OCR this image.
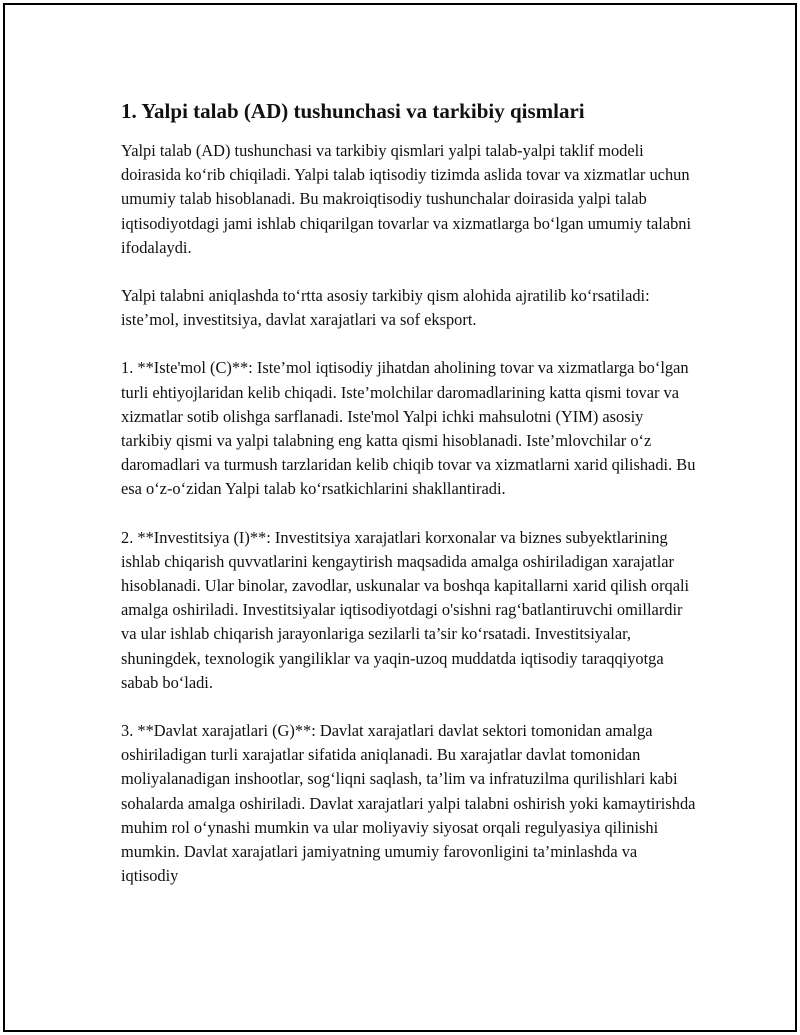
1. Yalpi talab (AD) tushunchasi va tarkibiy qismlari

Yalpi talab (AD) tushunchasi va tarkibiy qismlari yalpi talab-yalpi taklif modeli doirasida ko‘rib chiqiladi. Yalpi talab iqtisodiy tizimda aslida tovar va xizmatlar uchun umumiy talab hisoblanadi. Bu makroiqtisodiy tushunchalar doirasida yalpi talab iqtisodiyotdagi jami ishlab chiqarilgan tovarlar va xizmatlarga bo‘lgan umumiy talabni ifodalaydi.

Yalpi talabni aniqlashda to‘rtta asosiy tarkibiy qism alohida ajratilib ko‘rsatiladi: iste’mol, investitsiya, davlat xarajatlari va sof eksport.

1. **Iste'mol (C)**: Iste’mol iqtisodiy jihatdan aholining tovar va xizmatlarga bo‘lgan turli ehtiyojlaridan kelib chiqadi. Iste’molchilar daromadlarining katta qismi tovar va xizmatlar sotib olishga sarflanadi. Iste'mol Yalpi ichki mahsulotni (YIM) asosiy tarkibiy qismi va yalpi talabning eng katta qismi hisoblanadi. Iste’mlovchilar o‘z daromadlari va turmush tarzlaridan kelib chiqib tovar va xizmatlarni xarid qilishadi. Bu esa o‘z-o‘zidan Yalpi talab ko‘rsatkichlarini shakllantiradi.

2. **Investitsiya (I)**: Investitsiya xarajatlari korxonalar va biznes subyektlarining ishlab chiqarish quvvatlarini kengaytirish maqsadida amalga oshiriladigan xarajatlar hisoblanadi. Ular binolar, zavodlar, uskunalar va boshqa kapitallarni xarid qilish orqali amalga oshiriladi. Investitsiyalar iqtisodiyotdagi o'sishni rag‘batlantiruvchi omillardir va ular ishlab chiqarish jarayonlariga sezilarli ta’sir ko‘rsatadi. Investitsiyalar, shuningdek, texnologik yangiliklar va yaqin-uzoq muddatda iqtisodiy taraqqiyotga sabab bo‘ladi.

3. **Davlat xarajatlari (G)**: Davlat xarajatlari davlat sektori tomonidan amalga oshiriladigan turli xarajatlar sifatida aniqlanadi. Bu xarajatlar davlat tomonidan moliyalanadigan inshootlar, sog‘liqni saqlash, ta’lim va infratuzilma qurilishlari kabi sohalarda amalga oshiriladi. Davlat xarajatlari yalpi talabni oshirish yoki kamaytirishda muhim rol o‘ynashi mumkin va ular moliyaviy siyosat orqali regulyasiya qilinishi mumkin. Davlat xarajatlari jamiyatning umumiy farovonligini ta’minlashda va iqtisodiy
